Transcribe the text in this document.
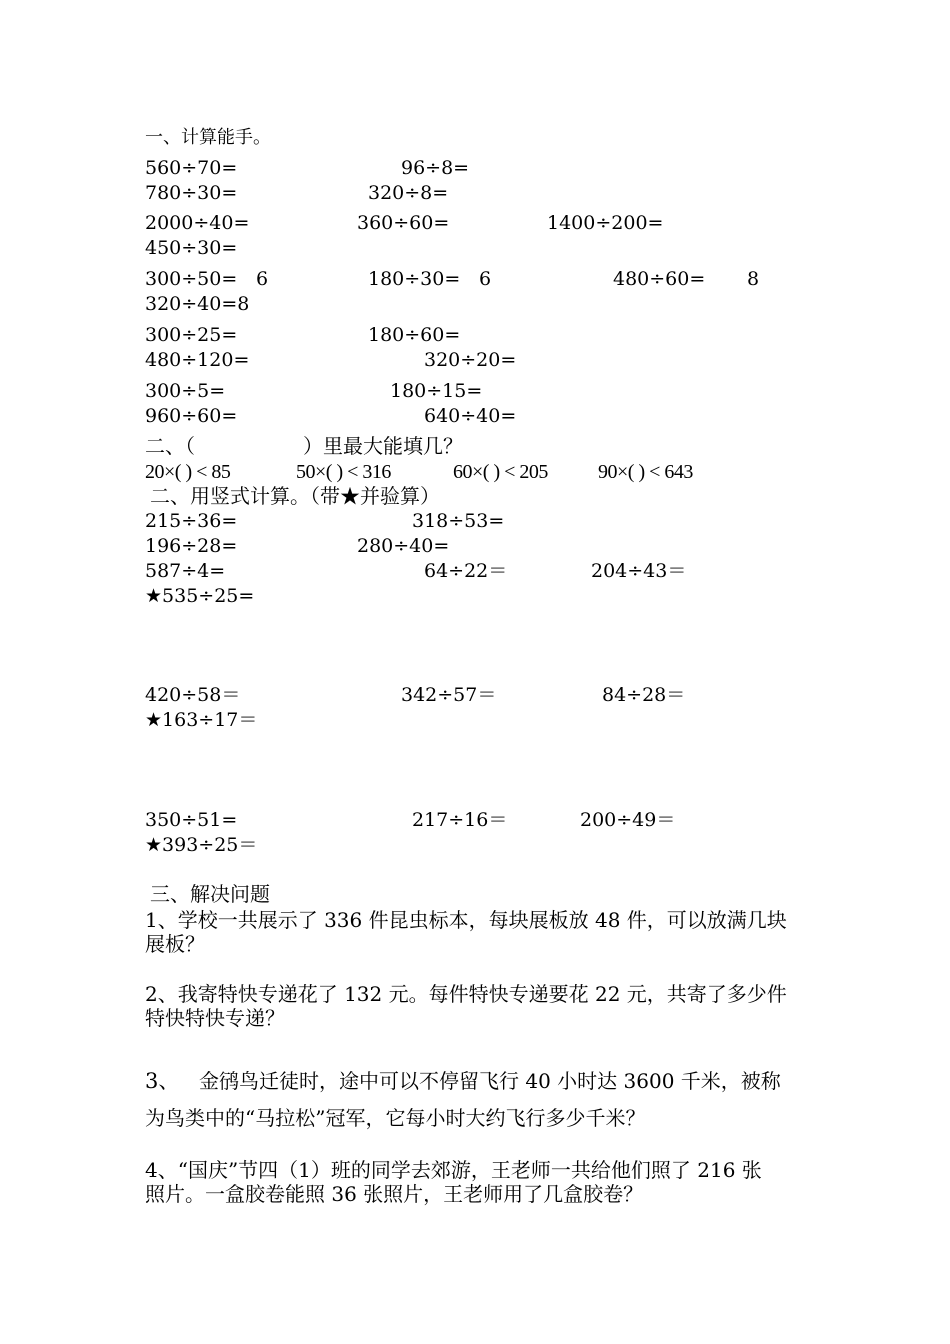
一、计算能手。
560÷70=	96÷8=
780÷30=	320÷8=
2000÷40=	360÷60=	1400÷200=
450÷30=
300÷50= 6	180÷30= 6	480÷60= 8
320÷40=8
300÷25=	180÷60=
480÷120=	320÷20=
300÷5=	180÷15=
960÷60=	640÷40=
二、（	）里最大能填几？
20×( ) < 85	50×( ) < 316	60×( ) < 205	90×( ) < 643
二、用竖式计算。（带★并验算）
215÷36=	318÷53=
196÷28=	280÷40=
587÷4=	64÷22＝	204÷43＝
★535÷25=
420÷58＝	342÷57＝	84÷28＝
★163÷17＝
350÷51=	217÷16＝	200÷49＝
★393÷25＝
三、解决问题
1、学校一共展示了 336 件昆虫标本，每块展板放 48 件，可以放满几块
展板？
2、我寄特快专递花了 132 元。每件特快专递要花 22 元，共寄了多少件
特快特快专递？
3、 金鸻鸟迁徒时，途中可以不停留飞行 40 小时达 3600 千米，被称
为鸟类中的“马拉松”冠军，它每小时大约飞行多少千米？
4、“国庆”节四（1）班的同学去郊游，王老师一共给他们照了 216 张
照片。一盒胶卷能照 36 张照片，王老师用了几盒胶卷？
